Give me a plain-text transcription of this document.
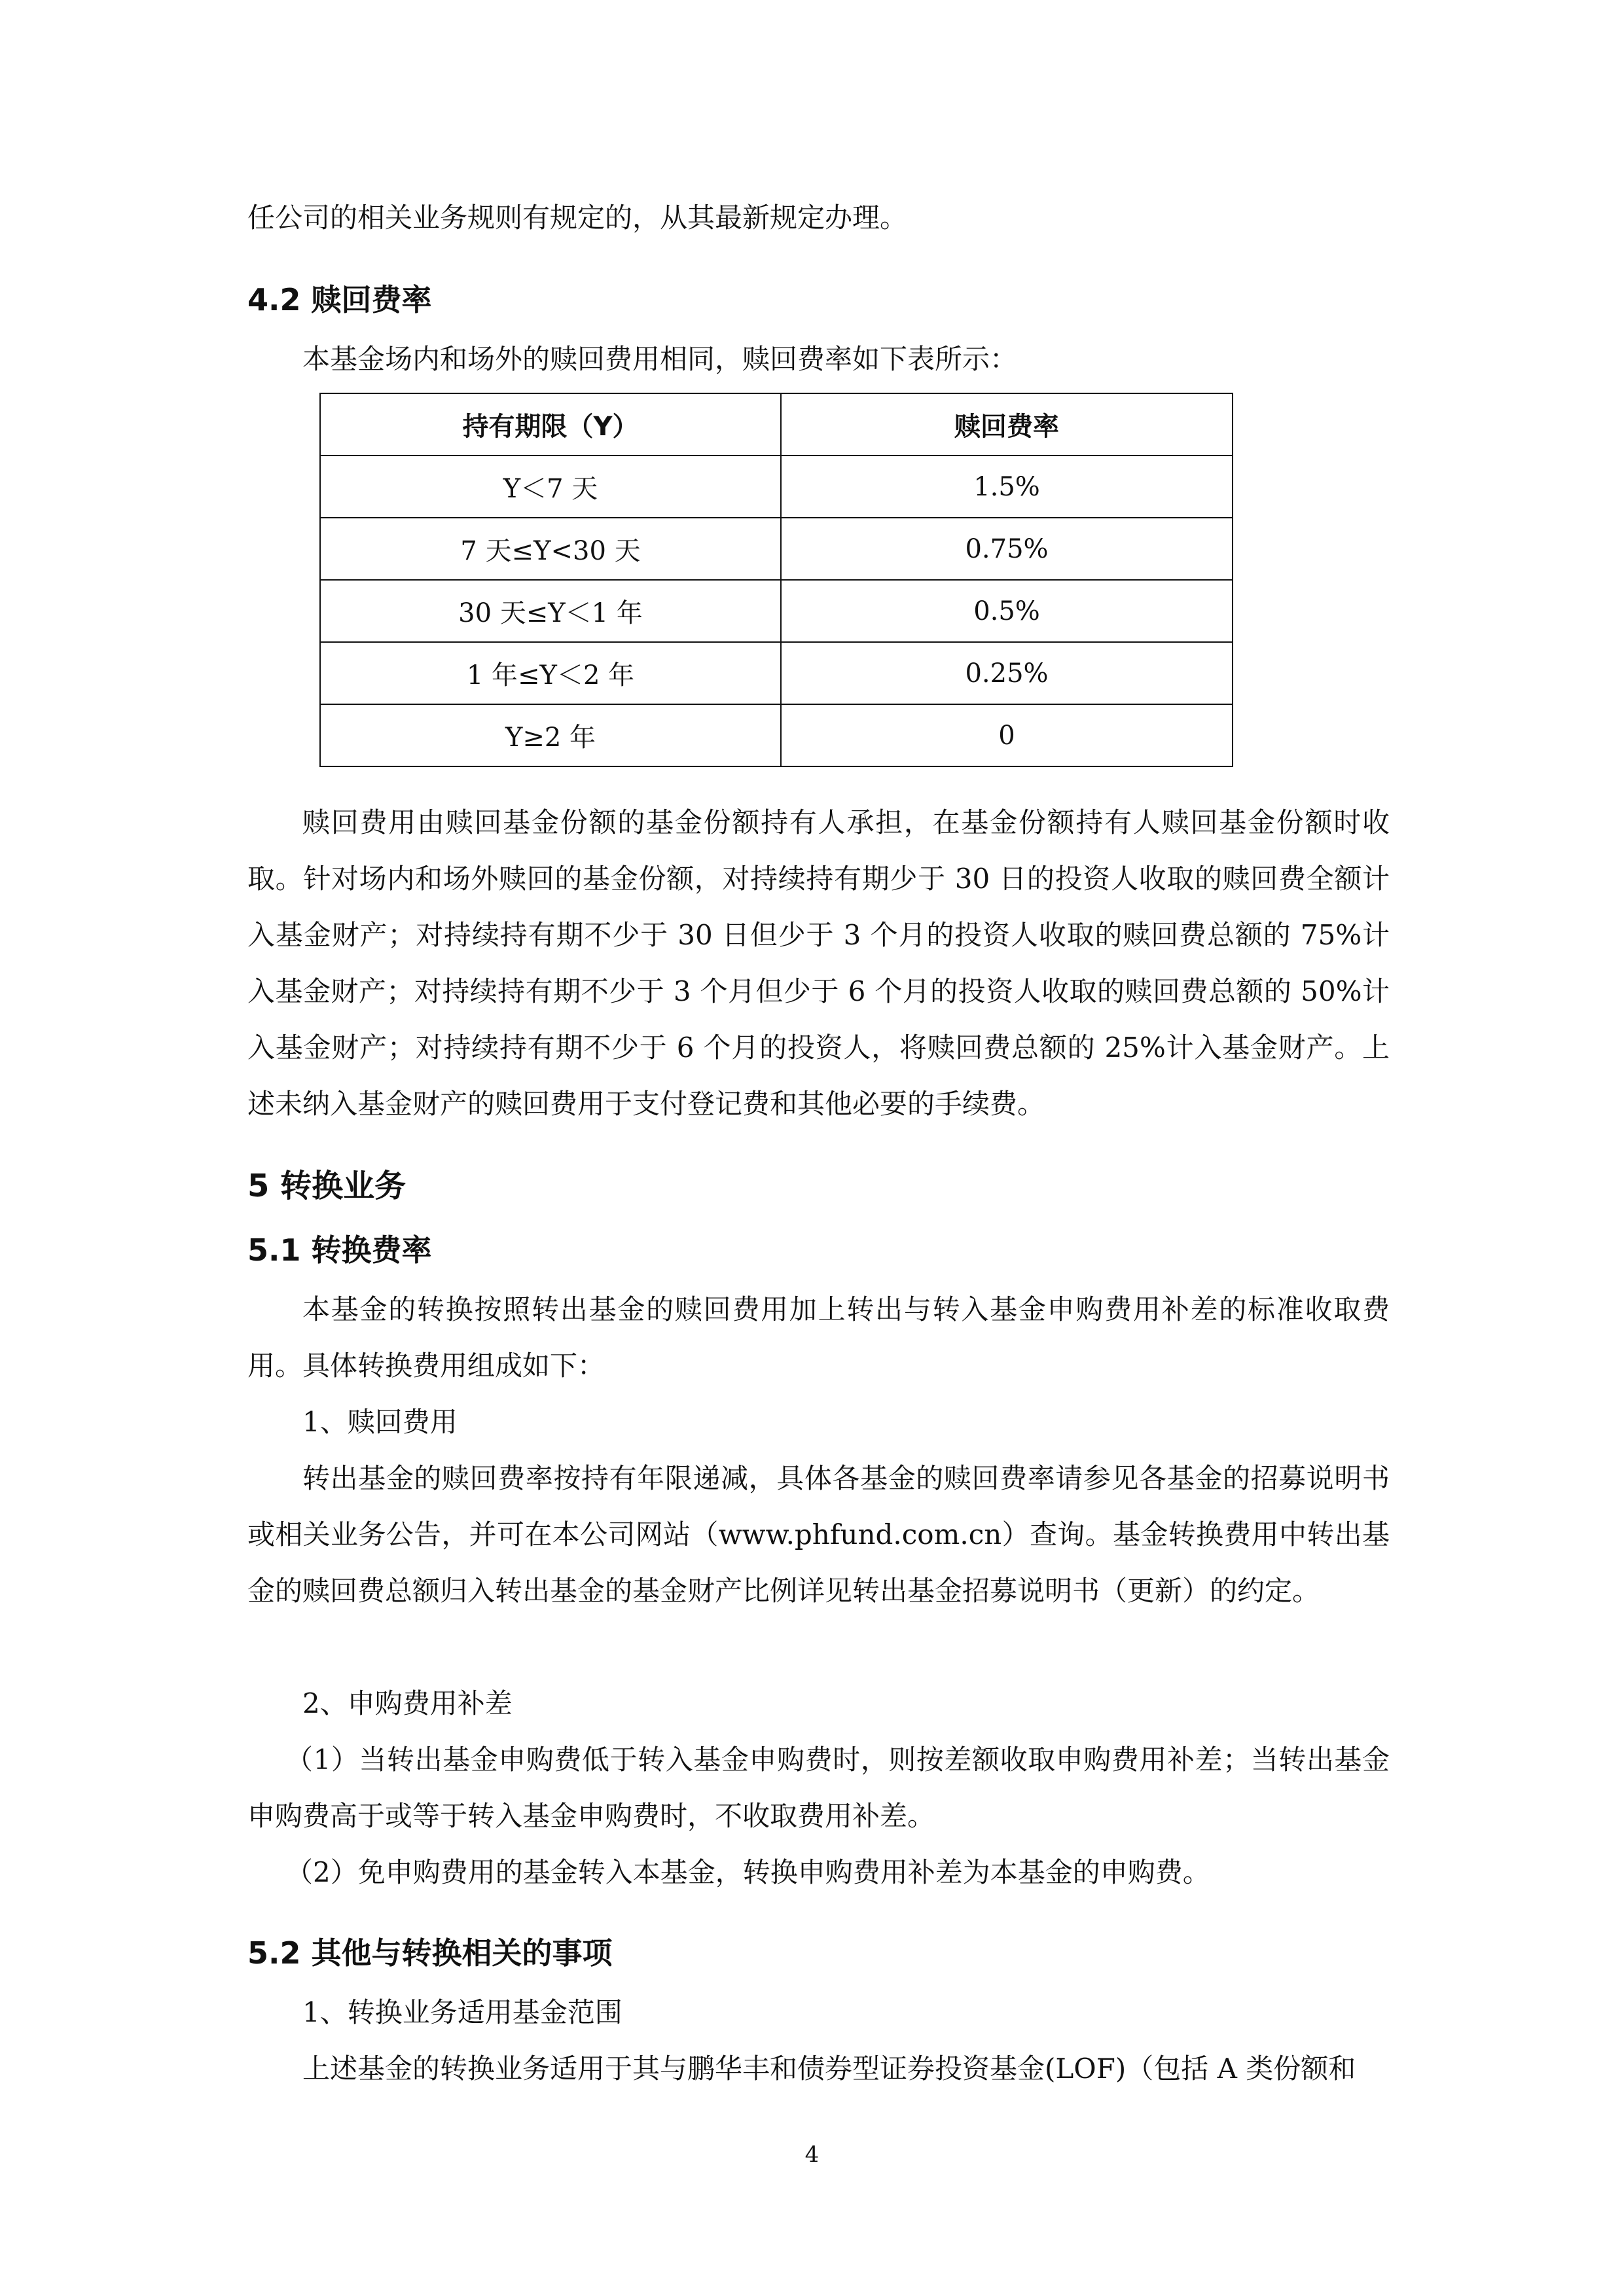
任公司的相关业务规则有规定的，从其最新规定办理。

4.2 赎回费率

本基金场内和场外的赎回费用相同，赎回费率如下表所示：

持有期限（Y）	赎回费率
Y＜7 天	1.5%
7 天≤Y<30 天	0.75%
30 天≤Y＜1 年	0.5%
1 年≤Y＜2 年	0.25%
Y≥2 年	0

赎回费用由赎回基金份额的基金份额持有人承担，在基金份额持有人赎回基金份额时收取。针对场内和场外赎回的基金份额，对持续持有期少于 30 日的投资人收取的赎回费全额计入基金财产；对持续持有期不少于 30 日但少于 3 个月的投资人收取的赎回费总额的 75%计入基金财产；对持续持有期不少于 3 个月但少于 6 个月的投资人收取的赎回费总额的 50%计入基金财产；对持续持有期不少于 6 个月的投资人，将赎回费总额的 25%计入基金财产。上述未纳入基金财产的赎回费用于支付登记费和其他必要的手续费。

5 转换业务
5.1 转换费率

本基金的转换按照转出基金的赎回费用加上转出与转入基金申购费用补差的标准收取费用。具体转换费用组成如下：

1、赎回费用

转出基金的赎回费率按持有年限递减，具体各基金的赎回费率请参见各基金的招募说明书或相关业务公告，并可在本公司网站（www.phfund.com.cn）查询。基金转换费用中转出基金的赎回费总额归入转出基金的基金财产比例详见转出基金招募说明书（更新）的约定。

2、申购费用补差

（1）当转出基金申购费低于转入基金申购费时，则按差额收取申购费用补差；当转出基金申购费高于或等于转入基金申购费时，不收取费用补差。

（2）免申购费用的基金转入本基金，转换申购费用补差为本基金的申购费。

5.2 其他与转换相关的事项

1、转换业务适用基金范围

上述基金的转换业务适用于其与鹏华丰和债券型证券投资基金(LOF)（包括 A 类份额和

4
